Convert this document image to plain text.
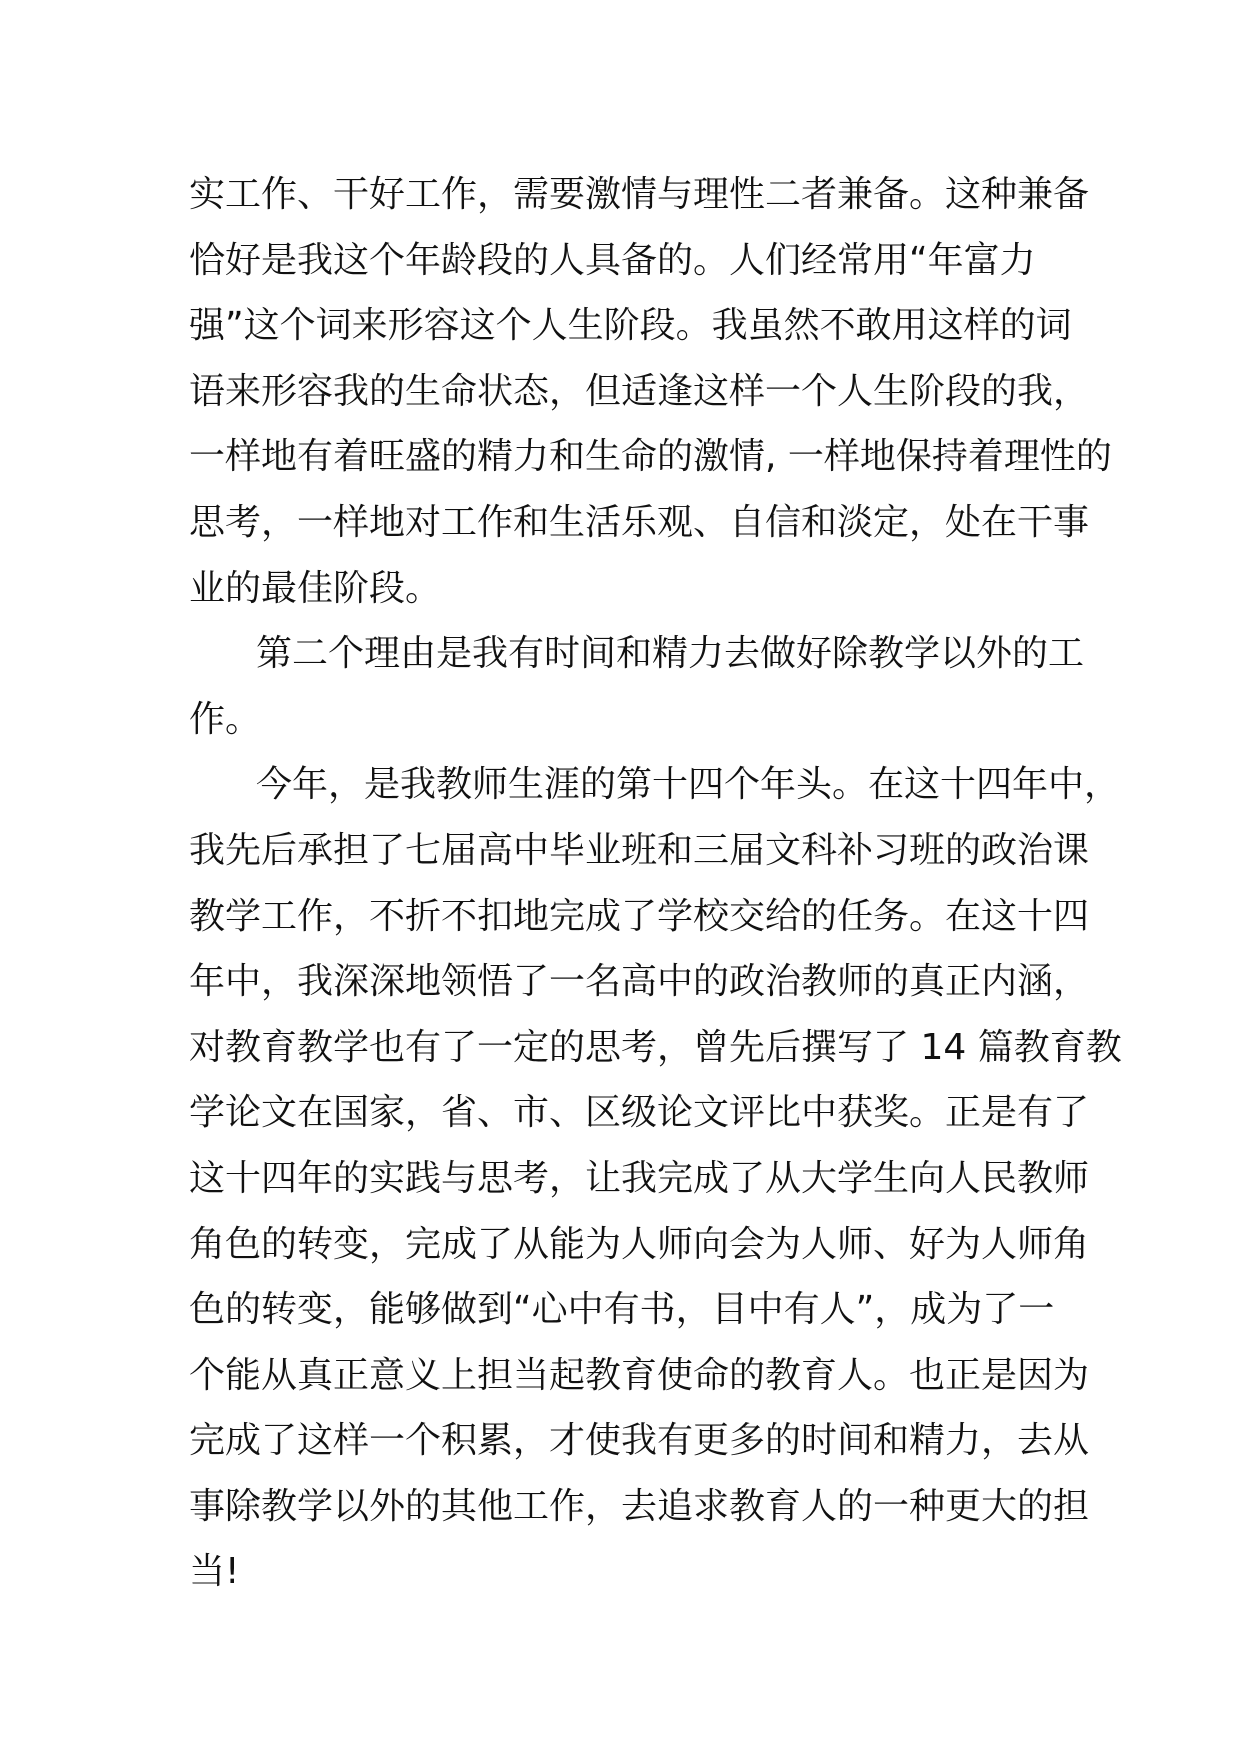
实工作、干好工作，需要激情与理性二者兼备。这种兼备
恰好是我这个年龄段的人具备的。人们经常用“年富力
强”这个词来形容这个人生阶段。我虽然不敢用这样的词
语来形容我的生命状态，但适逢这样一个人生阶段的我，
一样地有着旺盛的精力和生命的激情, 一样地保持着理性的
思考，一样地对工作和生活乐观、自信和淡定，处在干事
业的最佳阶段。
第二个理由是我有时间和精力去做好除教学以外的工
作。
今年，是我教师生涯的第十四个年头。在这十四年中，
我先后承担了七届高中毕业班和三届文科补习班的政治课
教学工作，不折不扣地完成了学校交给的任务。在这十四
年中，我深深地领悟了一名高中的政治教师的真正内涵，
对教育教学也有了一定的思考，曾先后撰写了 14 篇教育教
学论文在国家，省、市、区级论文评比中获奖。正是有了
这十四年的实践与思考，让我完成了从大学生向人民教师
角色的转变，完成了从能为人师向会为人师、好为人师角
色的转变，能够做到“心中有书，目中有人”，成为了一
个能从真正意义上担当起教育使命的教育人。也正是因为
完成了这样一个积累，才使我有更多的时间和精力，去从
事除教学以外的其他工作，去追求教育人的一种更大的担
当!
